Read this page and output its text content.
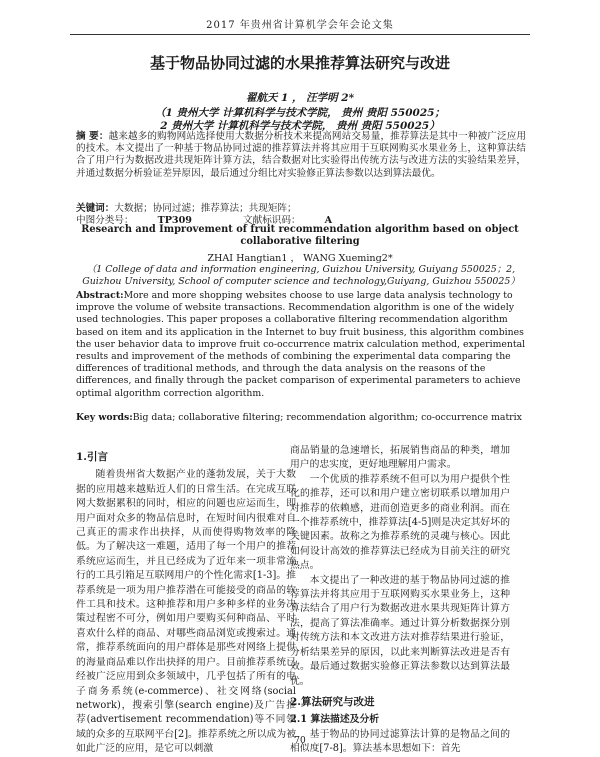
2017 年贵州省计算机学会年会论文集
基于物品协同过滤的水果推荐算法研究与改进
翟航天 1 ， 汪学明 2*
（1 贵州大学 计算机科学与技术学院， 贵州 贵阳 550025；
2 贵州大学 计算机科学与技术学院， 贵州 贵阳 550025）
摘 要：越来越多的购物网站选择使用大数据分析技术来提高网站交易量，推荐算法是其中一种被广泛应用的技术。本文提出了一种基于物品协同过滤的推荐算法并将其应用于互联网购买水果业务上，这种算法结合了用户行为数据改进共现矩阵计算方法，结合数据对比实验得出传统方法与改进方法的实验结果差异，并通过数据分析验证差异原因，最后通过分组比对实验修正算法参数以达到算法最优。
关键词：大数据；协同过滤；推荐算法；共现矩阵；
中图分类号：	TP309	文献标识码：	A
Research and Improvement of fruit recommendation algorithm based on object collaborative filtering
ZHAI Hangtian1 ， WANG Xueming2*
（1 College of data and information engineering, Guizhou University, Guiyang 550025；2, Guizhou University, School of computer science and technology,Guiyang, Guizhou 550025）
Abstract:More and more shopping websites choose to use large data analysis technology to improve the volume of website transactions. Recommendation algorithm is one of the widely used technologies. This paper proposes a collaborative filtering recommendation algorithm based on item and its application in the Internet to buy fruit business, this algorithm combines the user behavior data to improve fruit co-occurrence matrix calculation method, experimental results and improvement of the methods of combining the experimental data comparing the differences of traditional methods, and through the data analysis on the reasons of the differences, and finally through the packet comparison of experimental parameters to achieve optimal algorithm correction algorithm.
Key words:Big data; collaborative filtering; recommendation algorithm; co-occurrence matrix
1.引言

随着贵州省大数据产业的蓬勃发展，关于大数据的应用越来越贴近人们的日常生活。在完成互联网大数据累积的同时，相应的问题也应运而生，即用户面对众多的物品信息时，在短时间内很难对自己真正的需求作出抉择，从而使得购物效率的降低。为了解决这一难题，适用了每一个用户的推荐系统应运而生，并且已经成为了近年来一项非常流行的工具引箱足互联网用户的个性化需求[1-3]。推荐系统是一项为用户推荐潜在可能接受的商品的软件工具和技术。这种推荐和用户多种多样的业务决策过程密不可分，例如用户要购买何种商品、平时喜欢什么样的商品、对哪些商品浏览或搜索过。通常，推荐系统面向的用户群体是那些对网络上提供的海量商品难以作出抉择的用户。目前推荐系统已经被广泛应用到众多领域中，几乎包括了所有的电子商务系统(e-commerce)、社交网络(social network)，搜索引擎(search engine)及广告推荐(advertisement recommendation)等不同领域的众多的互联网平台[2]。推荐系统之所以成为被如此广泛的应用，是它可以刺激

商品销量的急速增长，拓展销售商品的种类，增加用户的忠实度，更好地理解用户需求。

一个优质的推荐系统不但可以为用户提供个性化的推荐，还可以和用户建立密切联系以增加用户对推荐的依赖感，进而创造更多的商业利润。而在一个推荐系统中，推荐算法[4-5]则是决定其好坏的关键因素。故称之为推荐系统的灵魂与核心。因此如何设计高效的推荐算法已经成为目前关注的研究热点。

本文提出了一种改进的基于物品协同过滤的推荐算法并将其应用于互联网购买水果业务上，这种算法结合了用户行为数据改进水果共现矩阵计算方法，提高了算法准确率。通过计算分析数据探分别对传统方法和本文改进方法对推荐结果进行验证，分析结果差异的原因，以此来判断算法改进是否有效。最后通过数据实验修正算法参数以达到算法最优。

2.算法研究与改进
2.1 算法描述及分析

基于物品的协同过滤算法计算的是物品之间的相似度[7-8]。算法基本思想如下：首先

70
